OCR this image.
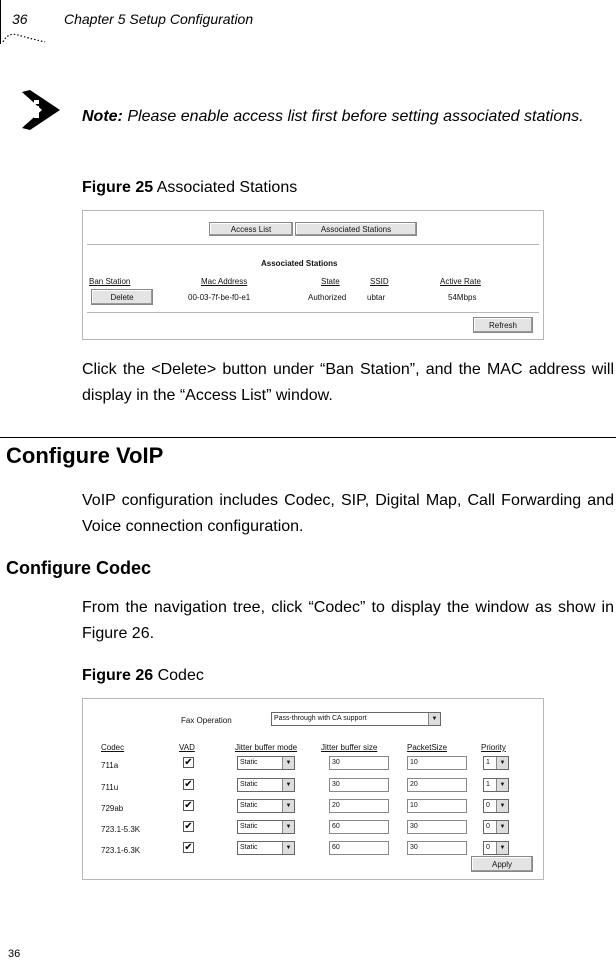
36	Chapter 5 Setup Configuration
Note: Please enable access list first before setting associated stations.
Figure 25 Associated Stations
Access List	Associated Stations
Associated Stations
Ban Station	Mac Address	State	SSID	Active Rate
Delete	00-03-7f-be-f0-e1	Authorized	ubtar	54Mbps
Refresh
Click the <Delete> button under “Ban Station”, and the MAC address will display in the “Access List” window.
Configure VoIP
VoIP configuration includes Codec, SIP, Digital Map, Call Forwarding and Voice connection configuration.
Configure Codec
From the navigation tree, click “Codec” to display the window as show in Figure 26.
Figure 26 Codec
Fax Operation	Pass-through with CA support	▼
Codec	VAD	Jitter buffer mode	Jitter buffer size	PacketSize	Priority
711a	✔	Static	▼	30	10	1	▼
711u	✔	Static	▼	30	20	1	▼
729ab	✔	Static	▼	20	10	0	▼
723.1-5.3K	✔	Static	▼	60	30	0	▼
723.1-6.3K	✔	Static	▼	60	30	0	▼
Apply
36
